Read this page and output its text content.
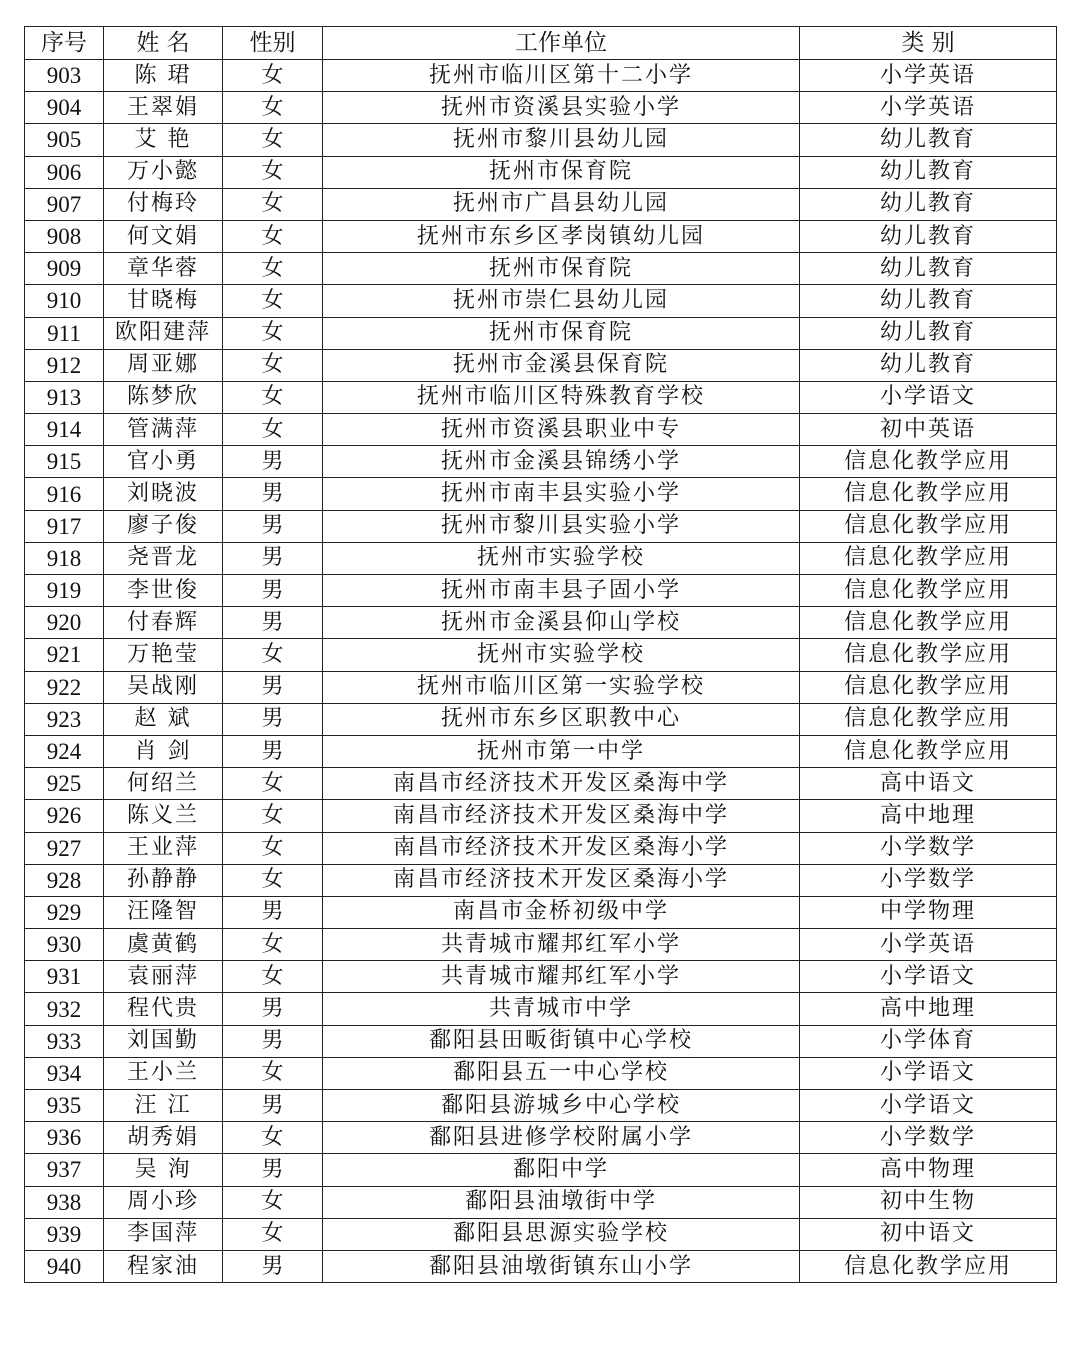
序号	姓 名	性别	工作单位	类 别
903	陈 珺	女	抚州市临川区第十二小学	小学英语
904	王翠娟	女	抚州市资溪县实验小学	小学英语
905	艾 艳	女	抚州市黎川县幼儿园	幼儿教育
906	万小懿	女	抚州市保育院	幼儿教育
907	付梅玲	女	抚州市广昌县幼儿园	幼儿教育
908	何文娟	女	抚州市东乡区孝岗镇幼儿园	幼儿教育
909	章华蓉	女	抚州市保育院	幼儿教育
910	甘晓梅	女	抚州市崇仁县幼儿园	幼儿教育
911	欧阳建萍	女	抚州市保育院	幼儿教育
912	周亚娜	女	抚州市金溪县保育院	幼儿教育
913	陈梦欣	女	抚州市临川区特殊教育学校	小学语文
914	管满萍	女	抚州市资溪县职业中专	初中英语
915	官小勇	男	抚州市金溪县锦绣小学	信息化教学应用
916	刘晓波	男	抚州市南丰县实验小学	信息化教学应用
917	廖子俊	男	抚州市黎川县实验小学	信息化教学应用
918	尧晋龙	男	抚州市实验学校	信息化教学应用
919	李世俊	男	抚州市南丰县子固小学	信息化教学应用
920	付春辉	男	抚州市金溪县仰山学校	信息化教学应用
921	万艳莹	女	抚州市实验学校	信息化教学应用
922	吴战刚	男	抚州市临川区第一实验学校	信息化教学应用
923	赵 斌	男	抚州市东乡区职教中心	信息化教学应用
924	肖 剑	男	抚州市第一中学	信息化教学应用
925	何绍兰	女	南昌市经济技术开发区桑海中学	高中语文
926	陈义兰	女	南昌市经济技术开发区桑海中学	高中地理
927	王业萍	女	南昌市经济技术开发区桑海小学	小学数学
928	孙静静	女	南昌市经济技术开发区桑海小学	小学数学
929	汪隆智	男	南昌市金桥初级中学	中学物理
930	虞黄鹤	女	共青城市耀邦红军小学	小学英语
931	袁丽萍	女	共青城市耀邦红军小学	小学语文
932	程代贵	男	共青城市中学	高中地理
933	刘国勤	男	鄱阳县田畈街镇中心学校	小学体育
934	王小兰	女	鄱阳县五一中心学校	小学语文
935	汪 江	男	鄱阳县游城乡中心学校	小学语文
936	胡秀娟	女	鄱阳县进修学校附属小学	小学数学
937	吴 洵	男	鄱阳中学	高中物理
938	周小珍	女	鄱阳县油墩街中学	初中生物
939	李国萍	女	鄱阳县思源实验学校	初中语文
940	程家油	男	鄱阳县油墩街镇东山小学	信息化教学应用
